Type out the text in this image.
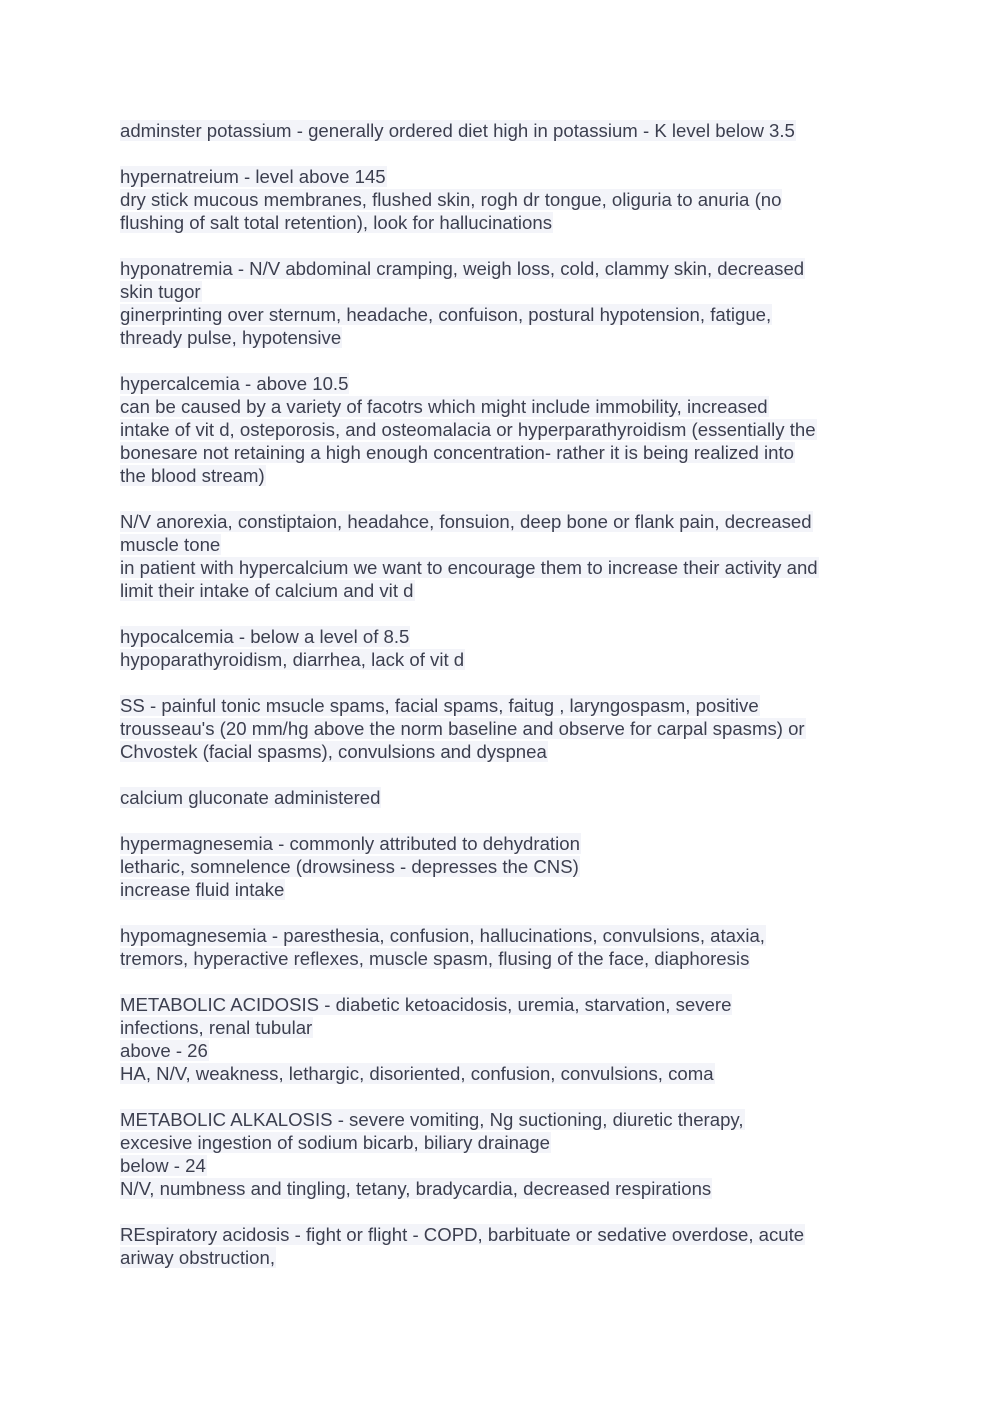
adminster potassium - generally ordered diet high in potassium - K level below 3.5
hypernatreium - level above 145
dry stick mucous membranes, flushed skin, rogh dr tongue, oliguria to anuria (no
flushing of salt total retention), look for hallucinations
hyponatremia - N/V abdominal cramping, weigh loss, cold, clammy skin, decreased
skin tugor
ginerprinting over sternum, headache, confuison, postural hypotension, fatigue,
thready pulse, hypotensive
hypercalcemia - above 10.5
can be caused by a variety of facotrs which might include immobility, increased
intake of vit d, osteporosis, and osteomalacia or hyperparathyroidism (essentially the
bonesare not retaining a high enough concentration- rather it is being realized into
the blood stream)
N/V anorexia, constiptaion, headahce, fonsuion, deep bone or flank pain, decreased
muscle tone
in patient with hypercalcium we want to encourage them to increase their activity and
limit their intake of calcium and vit d
hypocalcemia - below a level of 8.5
hypoparathyroidism, diarrhea, lack of vit d
SS - painful tonic msucle spams, facial spams, faitug , laryngospasm, positive
trousseau's (20 mm/hg above the norm baseline and observe for carpal spasms) or
Chvostek (facial spasms), convulsions and dyspnea
calcium gluconate administered
hypermagnesemia - commonly attributed to dehydration
letharic, somnelence (drowsiness - depresses the CNS)
increase fluid intake
hypomagnesemia - paresthesia, confusion, hallucinations, convulsions, ataxia,
tremors, hyperactive reflexes, muscle spasm, flusing of the face, diaphoresis
METABOLIC ACIDOSIS - diabetic ketoacidosis, uremia, starvation, severe
infections, renal tubular
above - 26
HA, N/V, weakness, lethargic, disoriented, confusion, convulsions, coma
METABOLIC ALKALOSIS - severe vomiting, Ng suctioning, diuretic therapy,
excesive ingestion of sodium bicarb, biliary drainage
below - 24
N/V, numbness and tingling, tetany, bradycardia, decreased respirations
REspiratory acidosis - fight or flight - COPD, barbituate or sedative overdose, acute
ariway obstruction,
